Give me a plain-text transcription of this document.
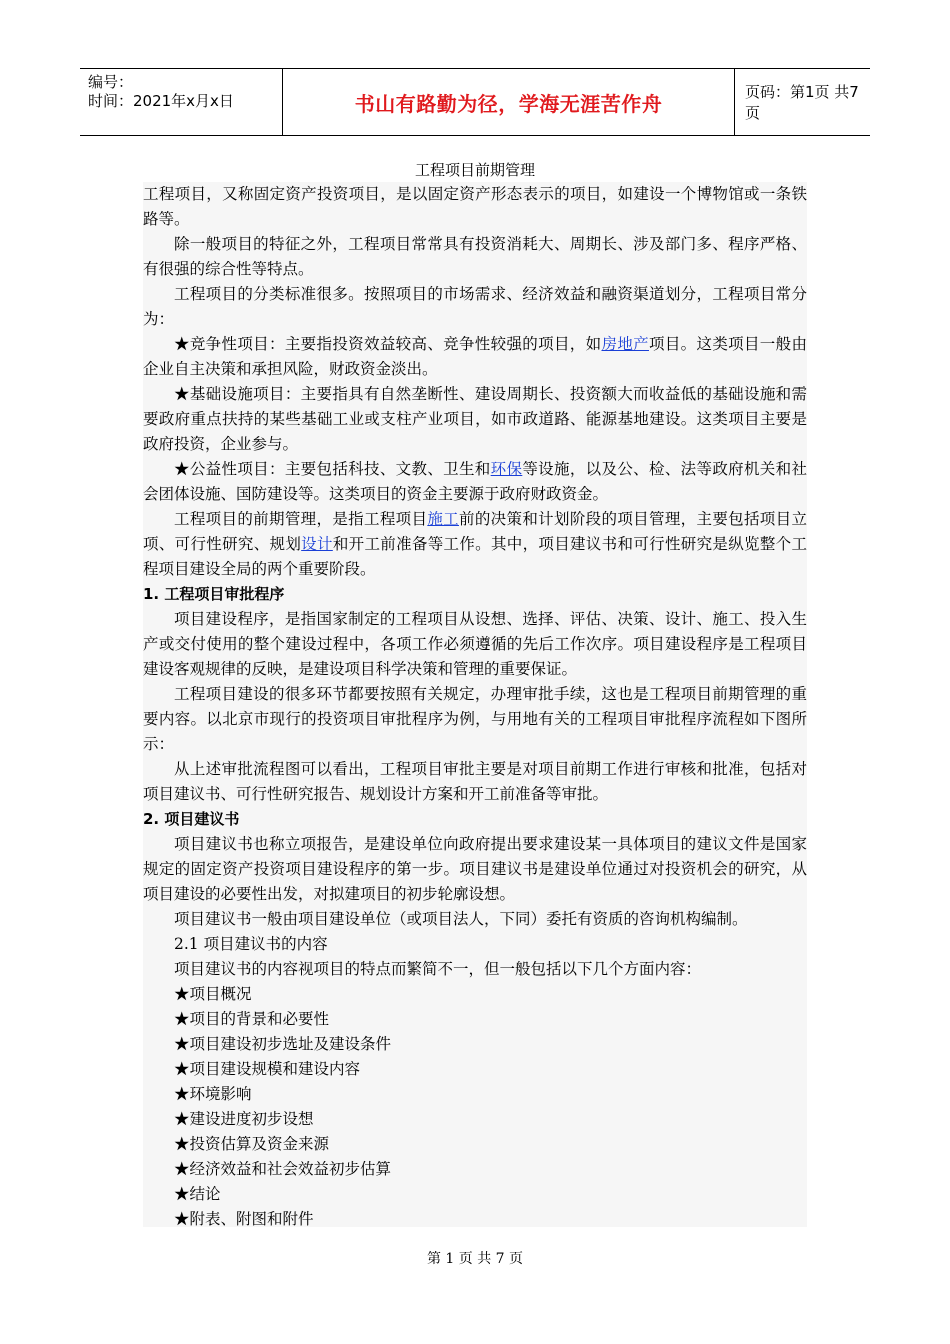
编号：
时间：2021年x月x日	书山有路勤为径，学海无涯苦作舟	页码：第1页 共7页
工程项目前期管理

工程项目，又称固定资产投资项目，是以固定资产形态表示的项目，如建设一个博物馆或一条铁路等。

除一般项目的特征之外，工程项目常常具有投资消耗大、周期长、涉及部门多、程序严格、有很强的综合性等特点。

工程项目的分类标准很多。按照项目的市场需求、经济效益和融资渠道划分，工程项目常分为：

★竞争性项目：主要指投资效益较高、竞争性较强的项目，如房地产项目。这类项目一般由企业自主决策和承担风险，财政资金淡出。

★基础设施项目：主要指具有自然垄断性、建设周期长、投资额大而收益低的基础设施和需要政府重点扶持的某些基础工业或支柱产业项目，如市政道路、能源基地建设。这类项目主要是政府投资，企业参与。

★公益性项目：主要包括科技、文教、卫生和环保等设施，以及公、检、法等政府机关和社会团体设施、国防建设等。这类项目的资金主要源于政府财政资金。

工程项目的前期管理，是指工程项目施工前的决策和计划阶段的项目管理，主要包括项目立项、可行性研究、规划设计和开工前准备等工作。其中，项目建议书和可行性研究是纵览整个工程项目建设全局的两个重要阶段。

1. 工程项目审批程序

项目建设程序，是指国家制定的工程项目从设想、选择、评估、决策、设计、施工、投入生产或交付使用的整个建设过程中，各项工作必须遵循的先后工作次序。项目建设程序是工程项目建设客观规律的反映，是建设项目科学决策和管理的重要保证。

工程项目建设的很多环节都要按照有关规定，办理审批手续，这也是工程项目前期管理的重要内容。以北京市现行的投资项目审批程序为例，与用地有关的工程项目审批程序流程如下图所示：

从上述审批流程图可以看出，工程项目审批主要是对项目前期工作进行审核和批准，包括对项目建议书、可行性研究报告、规划设计方案和开工前准备等审批。

2. 项目建议书

项目建议书也称立项报告，是建设单位向政府提出要求建设某一具体项目的建议文件是国家规定的固定资产投资项目建设程序的第一步。项目建议书是建设单位通过对投资机会的研究，从项目建设的必要性出发，对拟建项目的初步轮廓设想。

项目建议书一般由项目建设单位（或项目法人，下同）委托有资质的咨询机构编制。

2.1 项目建议书的内容

项目建议书的内容视项目的特点而繁简不一，但一般包括以下几个方面内容：

★项目概况
★项目的背景和必要性
★项目建设初步选址及建设条件
★项目建设规模和建设内容
★环境影响
★建设进度初步设想
★投资估算及资金来源
★经济效益和社会效益初步估算
★结论
★附表、附图和附件
第 1 页 共 7 页
